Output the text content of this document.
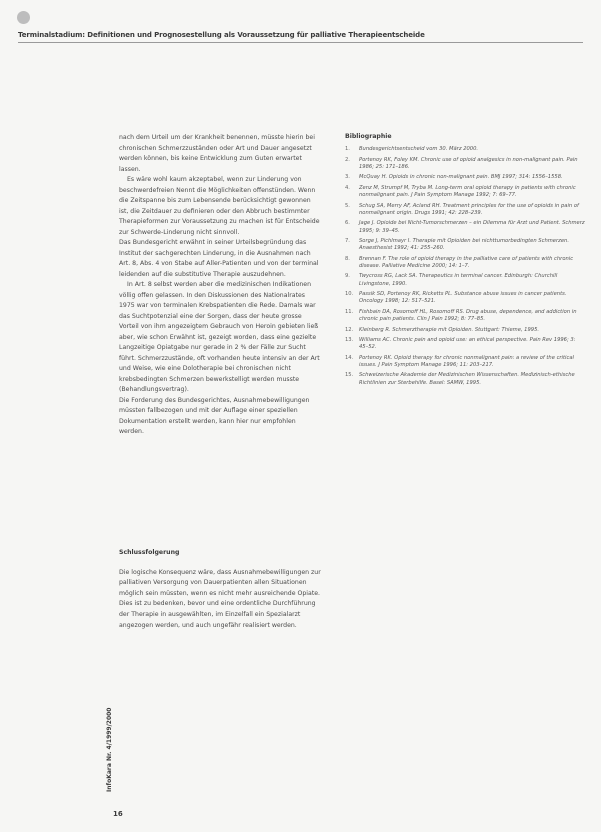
Terminalstadium: Definitionen und Prognosestellung als Voraussetzung für palliative Therapieentscheide

nach dem Urteil um der Krankheit benennen, müsste hierin bei chronischen Schmerzzuständen oder Art und Dauer angesetzt werden können, bis keine Entwicklung zum Guten erwartet lassen.

Es wäre wohl kaum akzeptabel, wenn zur Linderung von beschwerdefreien Nennt die Möglichkeiten offenstünden. Wenn die Zeitspanne bis zum Lebensende berücksichtigt gewonnen ist, die Zeitdauer zu definieren oder den Abbruch bestimmter Therapieformen zur Voraussetzung zu machen ist für Entscheide zur Schwerde-Linderung nicht sinnvoll.

Das Bundesgericht erwähnt in seiner Urteilsbegründung das Institut der sachgerechten Linderung, in die Ausnahmen nach Art. 8, Abs. 4 von Stabe auf Aller-Patienten und von der terminal leidenden auf die substitutive Therapie auszudehnen.

In Art. 8 selbst werden aber die medizinischen Indikationen völlig offen gelassen. In den Diskussionen des Nationalrates 1975 war von terminalen Krebspatienten die Rede. Damals war das Suchtpotenzial eine der Sorgen, dass der heute grosse Vorteil von ihm angezeigtem Gebrauch von Heroin gebieten ließ aber, wie schon Erwähnt ist, gezeigt worden, dass eine gezielte Langzeitige Opiatgabe nur gerade in 2 % der Fälle zur Sucht führt. Schmerzzustände, oft vorhanden heute intensiv an der Art und Weise, wie eine Dolotherapie bei chronischen nicht krebsbedingten Schmerzen bewerkstelligt werden musste (Behandlungsvertrag).

Die Forderung des Bundesgerichtes, Ausnahmebewilligungen müssten fallbezogen und mit der Auflage einer speziellen Dokumentation erstellt werden, kann hier nur empfohlen werden.

Bibliographie
1.	Bundesgerichtsentscheid vom 30. März 2000.
2.	Portenoy RK, Foley KM. Chronic use of opioid analgesics in non-malignant pain. Pain 1986; 25: 171–186.
3.	McQuay H. Opioids in chronic non-malignant pain. BMJ 1997; 314: 1556–1558.
4.	Zenz M, Strumpf M, Tryba M. Long-term oral opioid therapy in patients with chronic nonmalignant pain. J Pain Symptom Manage 1992; 7: 69–77.
5.	Schug SA, Merry AF, Acland RH. Treatment principles for the use of opioids in pain of nonmalignant origin. Drugs 1991; 42: 228–239.
6.	Jage J. Opioide bei Nicht-Tumorschmerzen – ein Dilemma für Arzt und Patient. Schmerz 1995; 9: 39–45.
7.	Sorge J, Pichlmayr I. Therapie mit Opioiden bei nichttumorbedingten Schmerzen. Anaesthesist 1992; 41: 255–260.
8.	Brennan F. The role of opioid therapy in the palliative care of patients with chronic disease. Palliative Medicine 2000; 14: 1–7.
9.	Twycross RG, Lack SA. Therapeutics in terminal cancer. Edinburgh: Churchill Livingstone, 1990.
10.	Passik SD, Portenoy RK, Ricketts PL. Substance abuse issues in cancer patients. Oncology 1998; 12: 517–521.
11.	Fishbain DA, Rosomoff HL, Rosomoff RS. Drug abuse, dependence, and addiction in chronic pain patients. Clin J Pain 1992; 8: 77–85.
12.	Kleinberg R. Schmerztherapie mit Opioiden. Stuttgart: Thieme, 1995.
13.	Williams AC. Chronic pain and opioid use: an ethical perspective. Pain Rev 1996; 3: 45–52.
14.	Portenoy RK. Opioid therapy for chronic nonmalignant pain: a review of the critical issues. J Pain Symptom Manage 1996; 11: 203–217.
15.	Schweizerische Akademie der Medizinischen Wissenschaften. Medizinisch-ethische Richtlinien zur Sterbehilfe. Basel: SAMW, 1995.
Schlussfolgerung

Die logische Konsequenz wäre, dass Ausnahmebewilligungen zur palliativen Versorgung von Dauerpatienten allen Situationen möglich sein müssten, wenn es nicht mehr ausreichende Opiate. Dies ist zu bedenken, bevor und eine ordentliche Durchführung der Therapie in ausgewählten, im Einzelfall ein Spezialarzt angezogen werden, und auch ungefähr realisiert werden.

InfoKara Nr. 4/1999/2000
16
